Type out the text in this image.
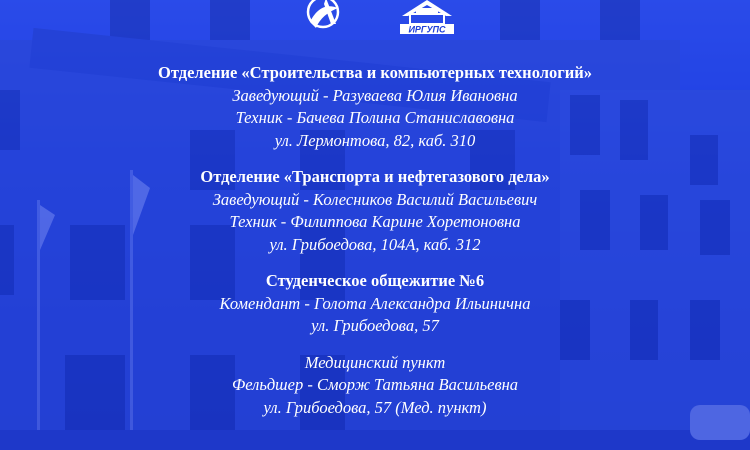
ИРГУПС
Отделение «Строительства и компьютерных технологий»
Заведующий - Разуваева Юлия Ивановна
Техник - Бачева Полина Станиславовна
ул. Лермонтова, 82, каб. 310
Отделение «Транспорта и нефтегазового дела»
Заведующий - Колесников Василий Васильевич
Техник - Филиппова Карине Хоретоновна
ул. Грибоедова, 104А, каб. 312
Студенческое общежитие №6
Комендант - Голота Александра Ильинична
ул. Грибоедова, 57
Медицинский пункт
Фельдшер - Сморж Татьяна Васильевна
ул. Грибоедова, 57 (Мед. пункт)
